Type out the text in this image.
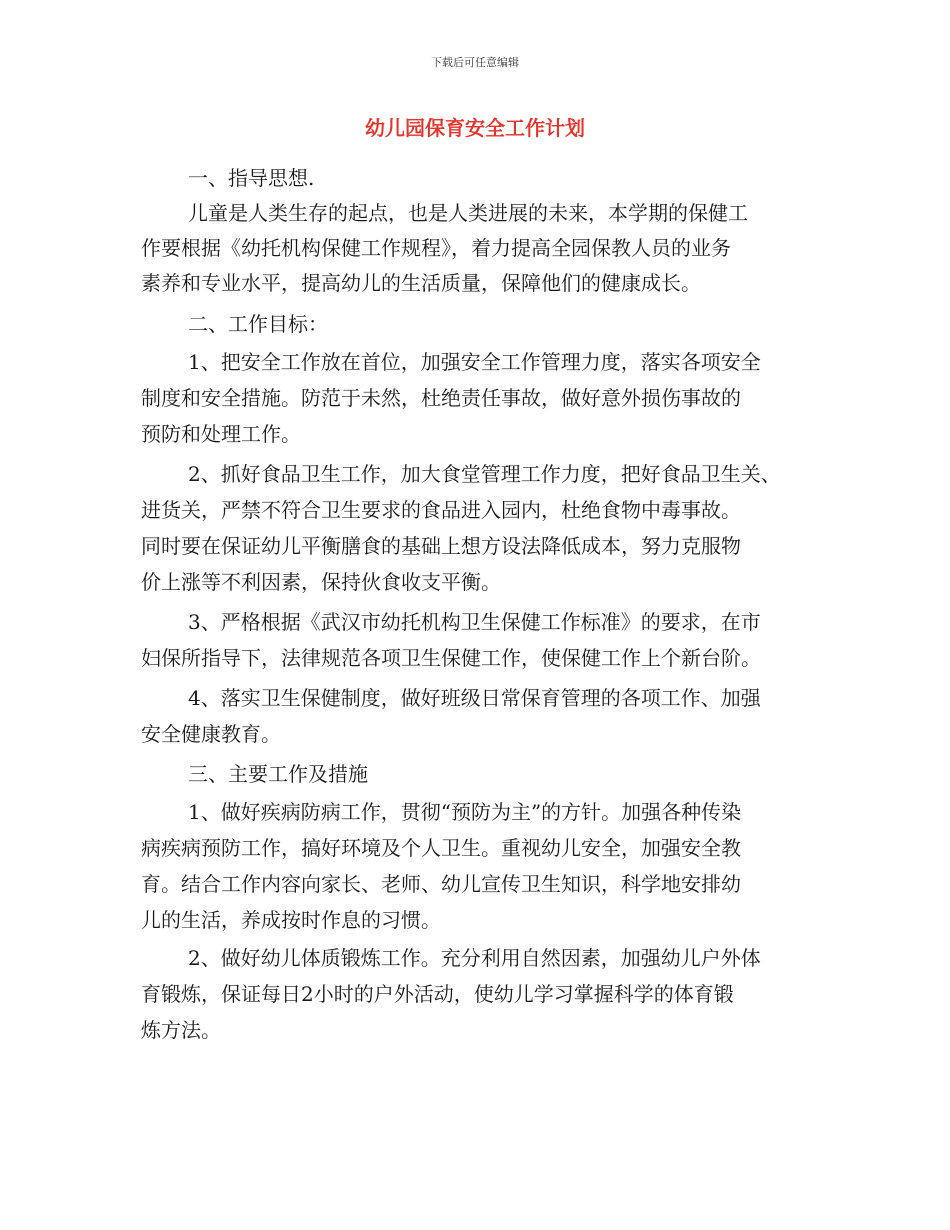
下载后可任意编辑
幼儿园保育安全工作计划
一、指导思想.
儿童是人类生存的起点，也是人类进展的未来，本学期的保健工
作要根据《幼托机构保健工作规程》，着力提高全园保教人员的业务
素养和专业水平，提高幼儿的生活质量，保障他们的健康成长。
二、工作目标：
1、把安全工作放在首位，加强安全工作管理力度，落实各项安全
制度和安全措施。防范于未然，杜绝责任事故，做好意外损伤事故的
预防和处理工作。
2、抓好食品卫生工作，加大食堂管理工作力度，把好食品卫生关、
进货关，严禁不符合卫生要求的食品进入园内，杜绝食物中毒事故。
同时要在保证幼儿平衡膳食的基础上想方设法降低成本，努力克服物
价上涨等不利因素，保持伙食收支平衡。
3、严格根据《武汉市幼托机构卫生保健工作标准》的要求，在市
妇保所指导下，法律规范各项卫生保健工作，使保健工作上个新台阶。
4、落实卫生保健制度，做好班级日常保育管理的各项工作、加强
安全健康教育。
三、主要工作及措施
1、做好疾病防病工作，贯彻“预防为主”的方针。加强各种传染
病疾病预防工作，搞好环境及个人卫生。重视幼儿安全，加强安全教
育。结合工作内容向家长、老师、幼儿宣传卫生知识，科学地安排幼
儿的生活，养成按时作息的习惯。
2、做好幼儿体质锻炼工作。充分利用自然因素，加强幼儿户外体
育锻炼，保证每日2小时的户外活动，使幼儿学习掌握科学的体育锻
炼方法。
